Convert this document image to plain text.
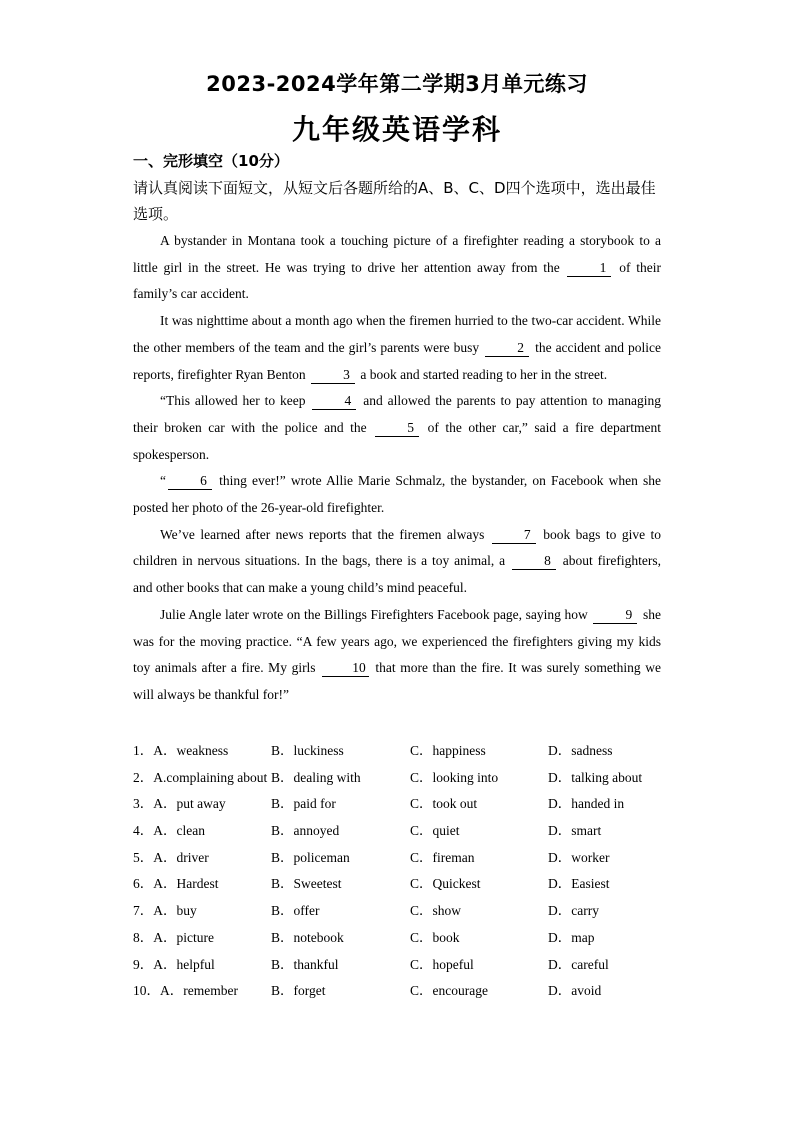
2023-2024学年第二学期3月单元练习
九年级英语学科
一、完形填空（10分）
请认真阅读下面短文，从短文后各题所给的A、B、C、D四个选项中，选出最佳选项。

A bystander in Montana took a touching picture of a firefighter reading a storybook to a little girl in the street. He was trying to drive her attention away from the	1 of their family’s car accident.

It was nighttime about a month ago when the firemen hurried to the two-car accident. While the other members of the team and the girl’s parents were busy	2 the accident and police reports, firefighter Ryan Benton	3 a book and started reading to her in the street.

“This allowed her to keep	4 and allowed the parents to pay attention to managing their broken car with the police and the	5 of the other car,” said a fire department spokesperson.

“	6 thing ever!” wrote Allie Marie Schmalz, the bystander, on Facebook when she posted her photo of the 26-year-old firefighter.

We’ve learned after news reports that the firemen always	7 book bags to give to children in nervous situations. In the bags, there is a toy animal, a	8 about firefighters, and other books that can make a young child’s mind peaceful.

Julie Angle later wrote on the Billings Firefighters Facebook page, saying how	9 she was for the moving practice. “A few years ago, we experienced the firefighters giving my kids toy animals after a fire. My girls	10 that more than the fire. It was surely something we will always be thankful for!”

1．A．weakness	B．luckiness	C．happiness	D．sadness
2．A.complaining about B．dealing with	C．looking into	D．talking about
3．A．put away	B．paid for	C．took out	D．handed in
4．A．clean	B．annoyed	C．quiet	D．smart
5．A．driver	B．policeman	C．fireman	D．worker
6．A．Hardest	B．Sweetest	C．Quickest	D．Easiest
7．A．buy	B．offer	C．show	D．carry
8．A．picture	B．notebook	C．book	D．map
9．A．helpful	B．thankful	C．hopeful	D．careful
10．A．remember B．forget	C．encourage	D．avoid
